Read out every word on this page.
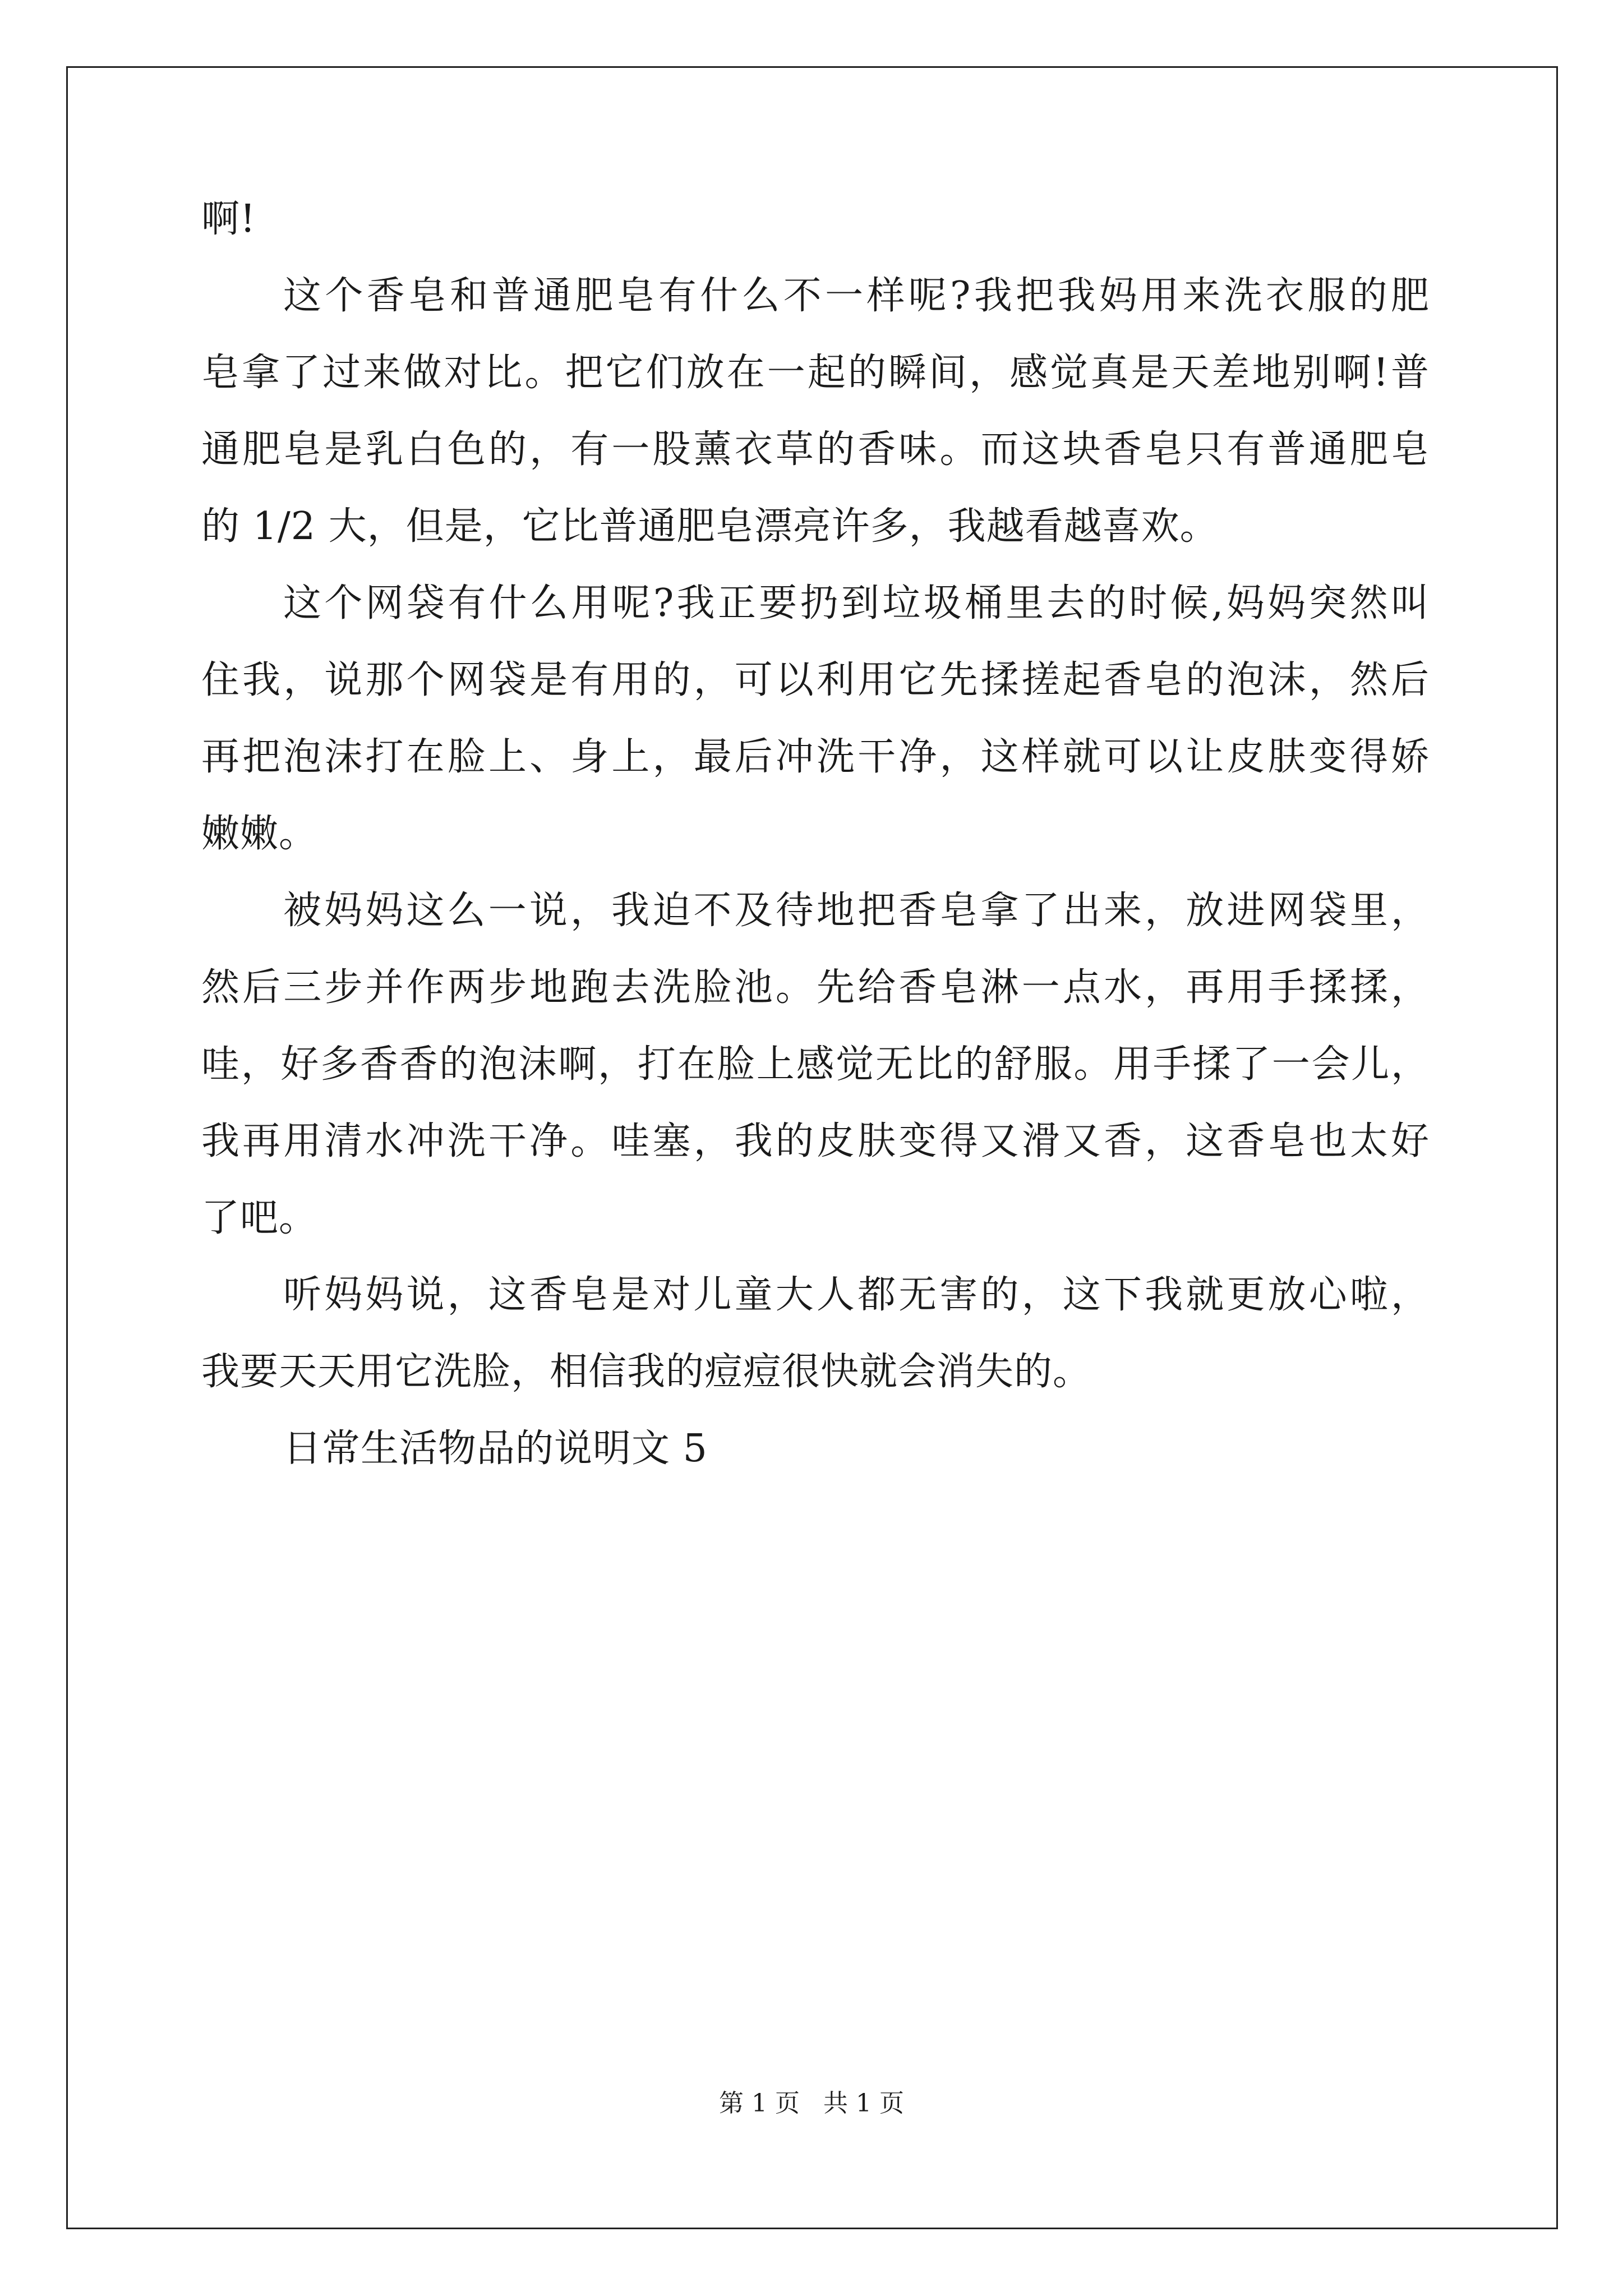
啊!
这个香皂和普通肥皂有什么不一样呢?我把我妈用来洗衣服的肥
皂拿了过来做对比。把它们放在一起的瞬间，感觉真是天差地别啊!普
通肥皂是乳白色的，有一股薰衣草的香味。而这块香皂只有普通肥皂
的 1/2 大，但是，它比普通肥皂漂亮许多，我越看越喜欢。
这个网袋有什么用呢?我正要扔到垃圾桶里去的时候,妈妈突然叫
住我，说那个网袋是有用的，可以利用它先揉搓起香皂的泡沫，然后
再把泡沫打在脸上、身上，最后冲洗干净，这样就可以让皮肤变得娇
嫩嫩。
被妈妈这么一说，我迫不及待地把香皂拿了出来，放进网袋里，
然后三步并作两步地跑去洗脸池。先给香皂淋一点水，再用手揉揉，
哇，好多香香的泡沫啊，打在脸上感觉无比的舒服。用手揉了一会儿，
我再用清水冲洗干净。哇塞，我的皮肤变得又滑又香，这香皂也太好
了吧。
听妈妈说，这香皂是对儿童大人都无害的，这下我就更放心啦，
我要天天用它洗脸，相信我的痘痘很快就会消失的。
日常生活物品的说明文 5
第 1 页 共 1 页
